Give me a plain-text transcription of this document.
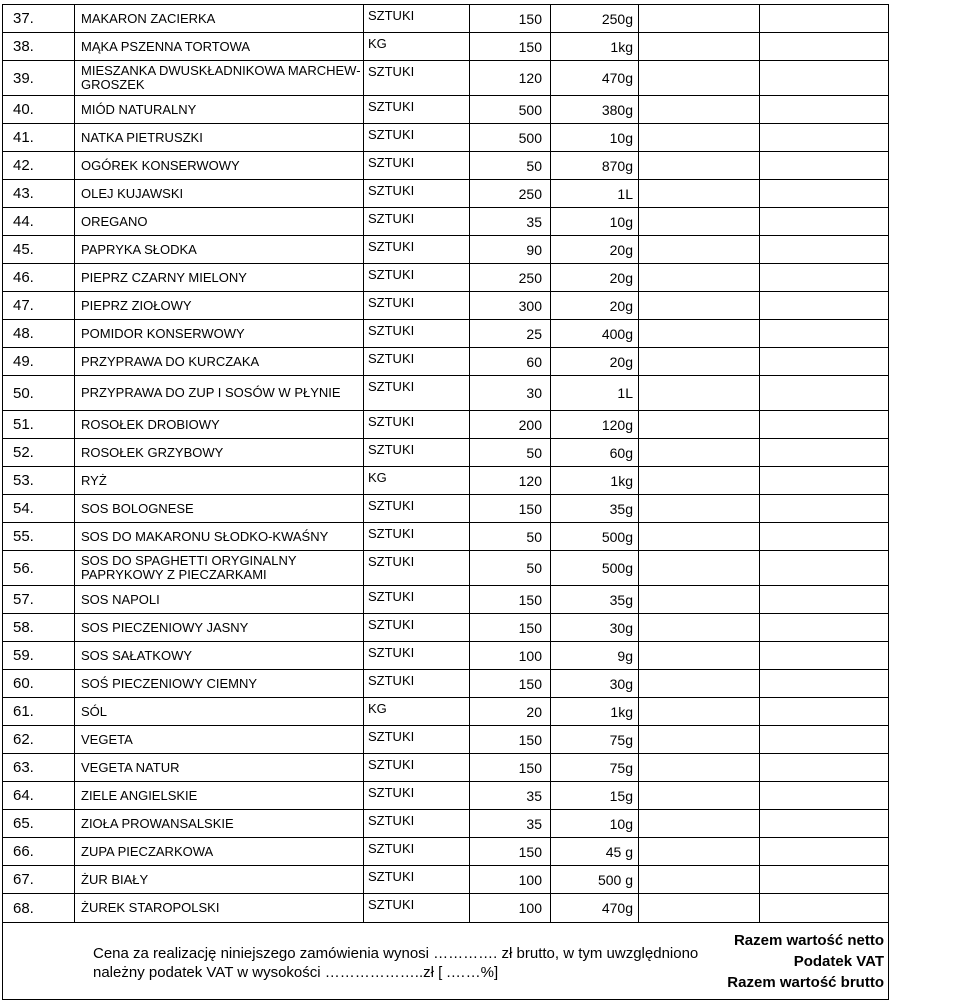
37.	MAKARON ZACIERKA	SZTUKI	150	250g		
38.	MĄKA PSZENNA TORTOWA	KG	150	1kg		
39.	MIESZANKA DWUSKŁADNIKOWA MARCHEW-GROSZEK	SZTUKI	120	470g		
40.	MIÓD NATURALNY	SZTUKI	500	380g		
41.	NATKA PIETRUSZKI	SZTUKI	500	10g		
42.	OGÓREK KONSERWOWY	SZTUKI	50	870g		
43.	OLEJ KUJAWSKI	SZTUKI	250	1L		
44.	OREGANO	SZTUKI	35	10g		
45.	PAPRYKA SŁODKA	SZTUKI	90	20g		
46.	PIEPRZ CZARNY MIELONY	SZTUKI	250	20g		
47.	PIEPRZ ZIOŁOWY	SZTUKI	300	20g		
48.	POMIDOR KONSERWOWY	SZTUKI	25	400g		
49.	PRZYPRAWA DO KURCZAKA	SZTUKI	60	20g		
50.	PRZYPRAWA DO ZUP I SOSÓW W PŁYNIE	SZTUKI	30	1L		
51.	ROSOŁEK DROBIOWY	SZTUKI	200	120g		
52.	ROSOŁEK GRZYBOWY	SZTUKI	50	60g		
53.	RYŻ	KG	120	1kg		
54.	SOS BOLOGNESE	SZTUKI	150	35g		
55.	SOS DO MAKARONU SŁODKO-KWAŚNY	SZTUKI	50	500g		
56.	SOS DO SPAGHETTI ORYGINALNY PAPRYKOWY Z PIECZARKAMI	SZTUKI	50	500g		
57.	SOS NAPOLI	SZTUKI	150	35g		
58.	SOS PIECZENIOWY JASNY	SZTUKI	150	30g		
59.	SOS SAŁATKOWY	SZTUKI	100	9g		
60.	SOŚ PIECZENIOWY CIEMNY	SZTUKI	150	30g		
61.	SÓL	KG	20	1kg		
62.	VEGETA	SZTUKI	150	75g		
63.	VEGETA NATUR	SZTUKI	150	75g		
64.	ZIELE ANGIELSKIE	SZTUKI	35	15g		
65.	ZIOŁA PROWANSALSKIE	SZTUKI	35	10g		
66.	ZUPA PIECZARKOWA	SZTUKI	150	45 g		
67.	ŻUR BIAŁY	SZTUKI	100	500 g		
68.	ŻUREK STAROPOLSKI	SZTUKI	100	470g		

Razem wartość netto
Podatek VAT
Razem wartość brutto						
Cena za realizację niniejszego zamówienia wynosi …………. zł brutto, w tym uwzględniono
należny podatek VAT w wysokości ………………..zł [ .……%]
